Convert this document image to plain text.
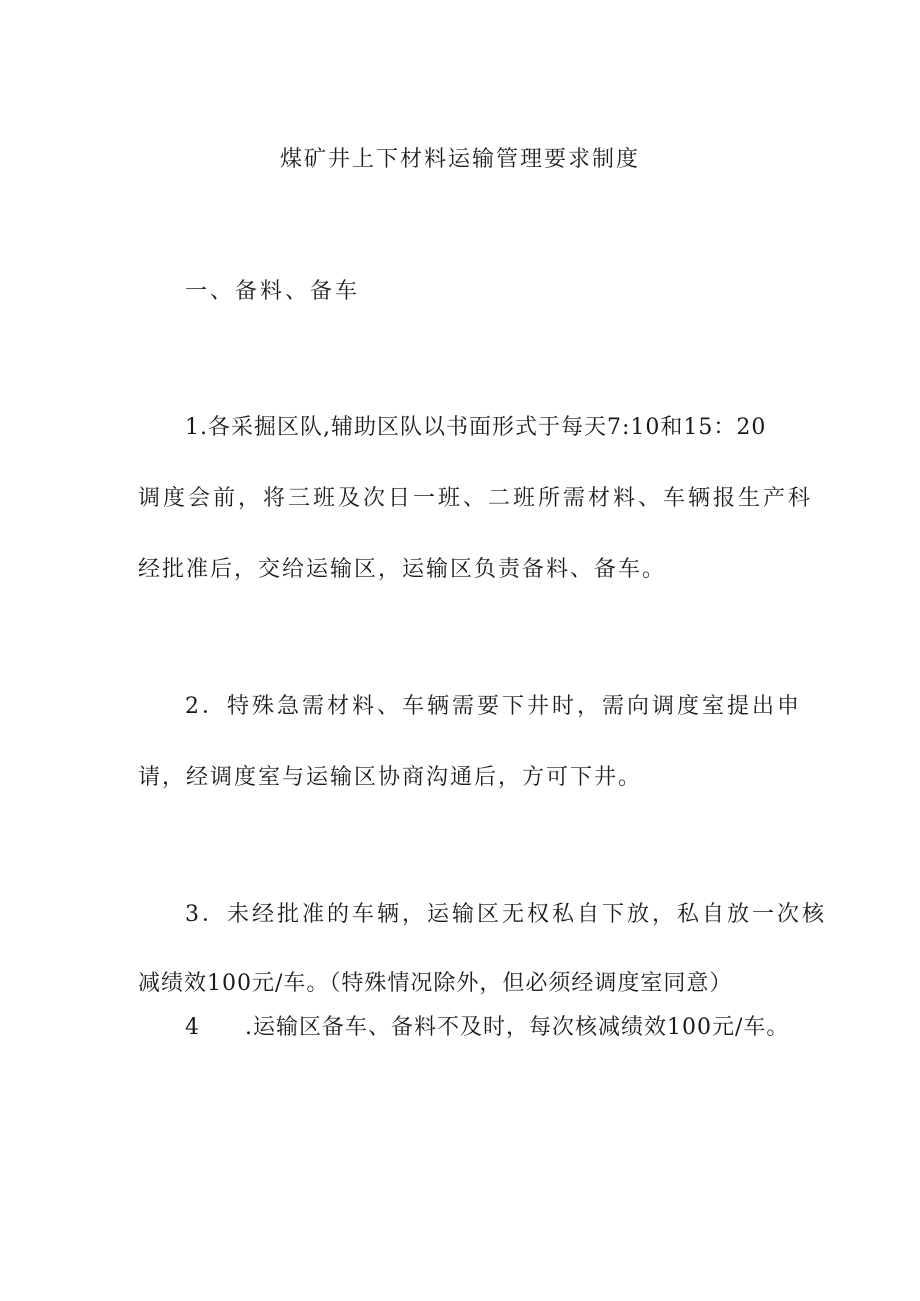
煤矿井上下材料运输管理要求制度
一、备料、备车
1.各采掘区队,辅助区队以书面形式于每天7:10和15：20
调度会前，将三班及次日一班、二班所需材料、车辆报生产科
经批准后，交给运输区，运输区负责备料、备车。
2．特殊急需材料、车辆需要下井时，需向调度室提出申
请，经调度室与运输区协商沟通后，方可下井。
3．未经批准的车辆，运输区无权私自下放，私自放一次核
减绩效100元/车。（特殊情况除外，但必须经调度室同意）
4 .运输区备车、备料不及时，每次核减绩效100元/车。
